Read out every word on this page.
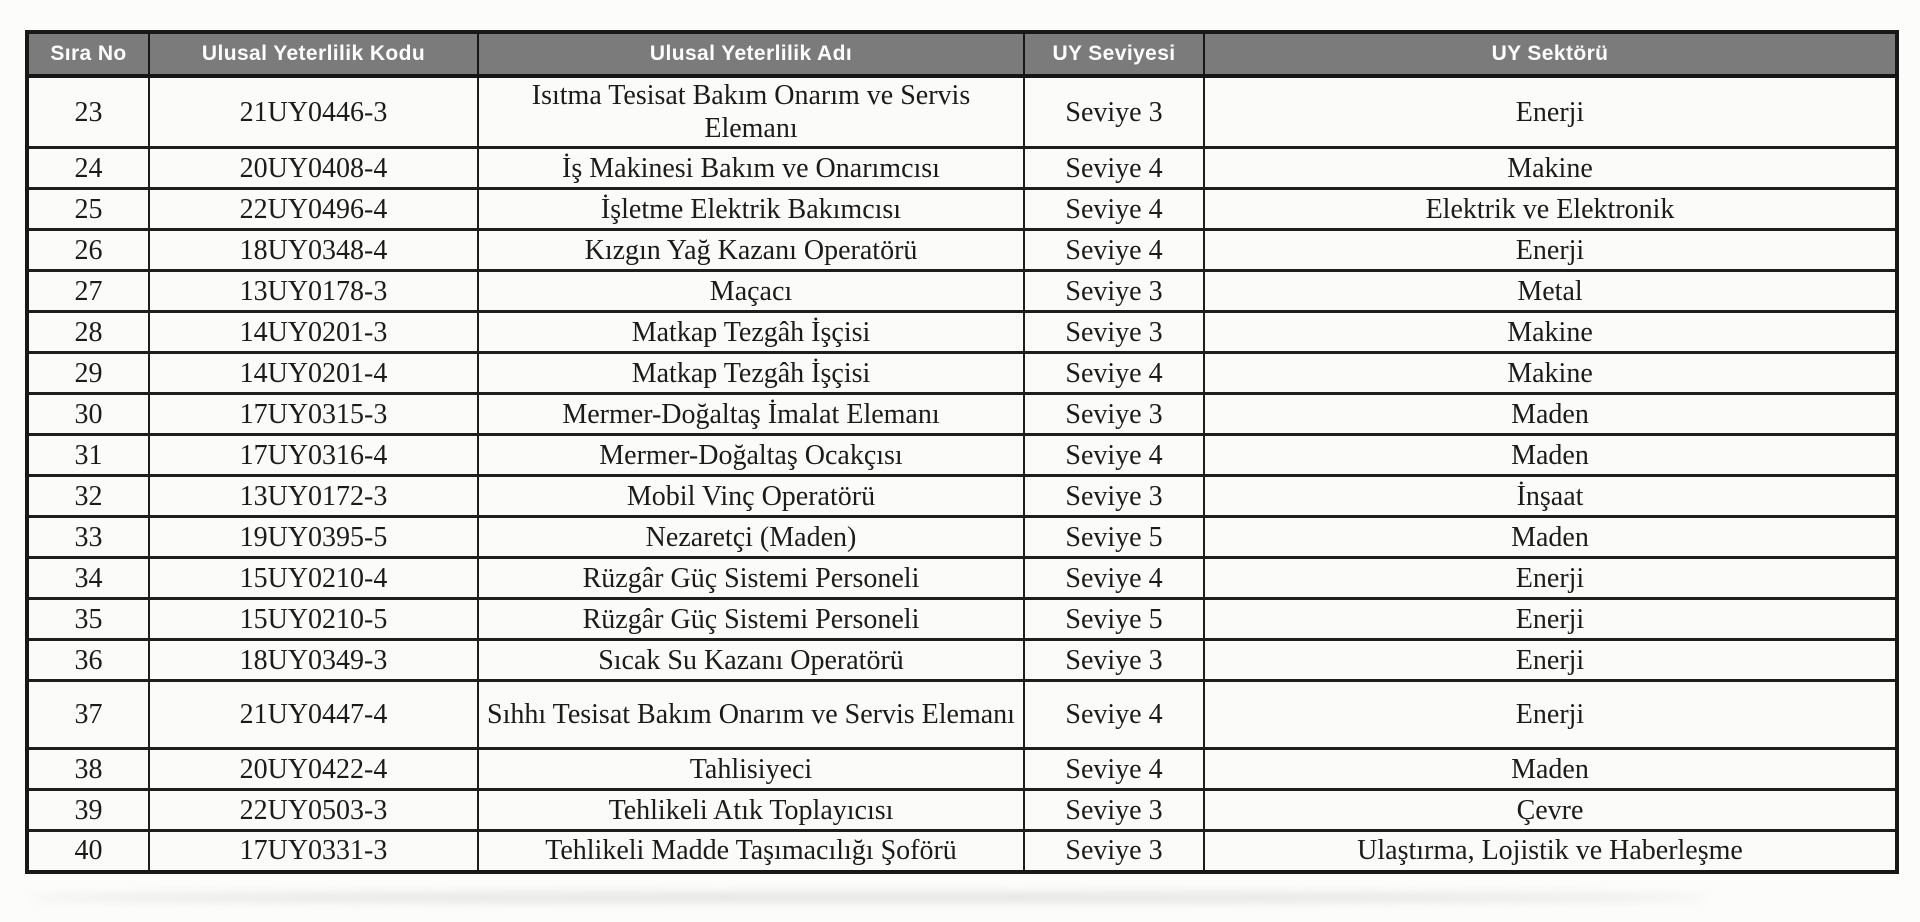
Sıra No	Ulusal Yeterlilik Kodu	Ulusal Yeterlilik Adı	UY Seviyesi	UY Sektörü
23	21UY0446-3	Isıtma Tesisat Bakım Onarım ve Servis Elemanı	Seviye 3	Enerji
24	20UY0408-4	İş Makinesi Bakım ve Onarımcısı	Seviye 4	Makine
25	22UY0496-4	İşletme Elektrik Bakımcısı	Seviye 4	Elektrik ve Elektronik
26	18UY0348-4	Kızgın Yağ Kazanı Operatörü	Seviye 4	Enerji
27	13UY0178-3	Maçacı	Seviye 3	Metal
28	14UY0201-3	Matkap Tezgâh İşçisi	Seviye 3	Makine
29	14UY0201-4	Matkap Tezgâh İşçisi	Seviye 4	Makine
30	17UY0315-3	Mermer-Doğaltaş İmalat Elemanı	Seviye 3	Maden
31	17UY0316-4	Mermer-Doğaltaş Ocakçısı	Seviye 4	Maden
32	13UY0172-3	Mobil Vinç Operatörü	Seviye 3	İnşaat
33	19UY0395-5	Nezaretçi (Maden)	Seviye 5	Maden
34	15UY0210-4	Rüzgâr Güç Sistemi Personeli	Seviye 4	Enerji
35	15UY0210-5	Rüzgâr Güç Sistemi Personeli	Seviye 5	Enerji
36	18UY0349-3	Sıcak Su Kazanı Operatörü	Seviye 3	Enerji
37	21UY0447-4	Sıhhı Tesisat Bakım Onarım ve Servis Elemanı	Seviye 4	Enerji
38	20UY0422-4	Tahlisiyeci	Seviye 4	Maden
39	22UY0503-3	Tehlikeli Atık Toplayıcısı	Seviye 3	Çevre
40	17UY0331-3	Tehlikeli Madde Taşımacılığı Şoförü	Seviye 3	Ulaştırma, Lojistik ve Haberleşme
